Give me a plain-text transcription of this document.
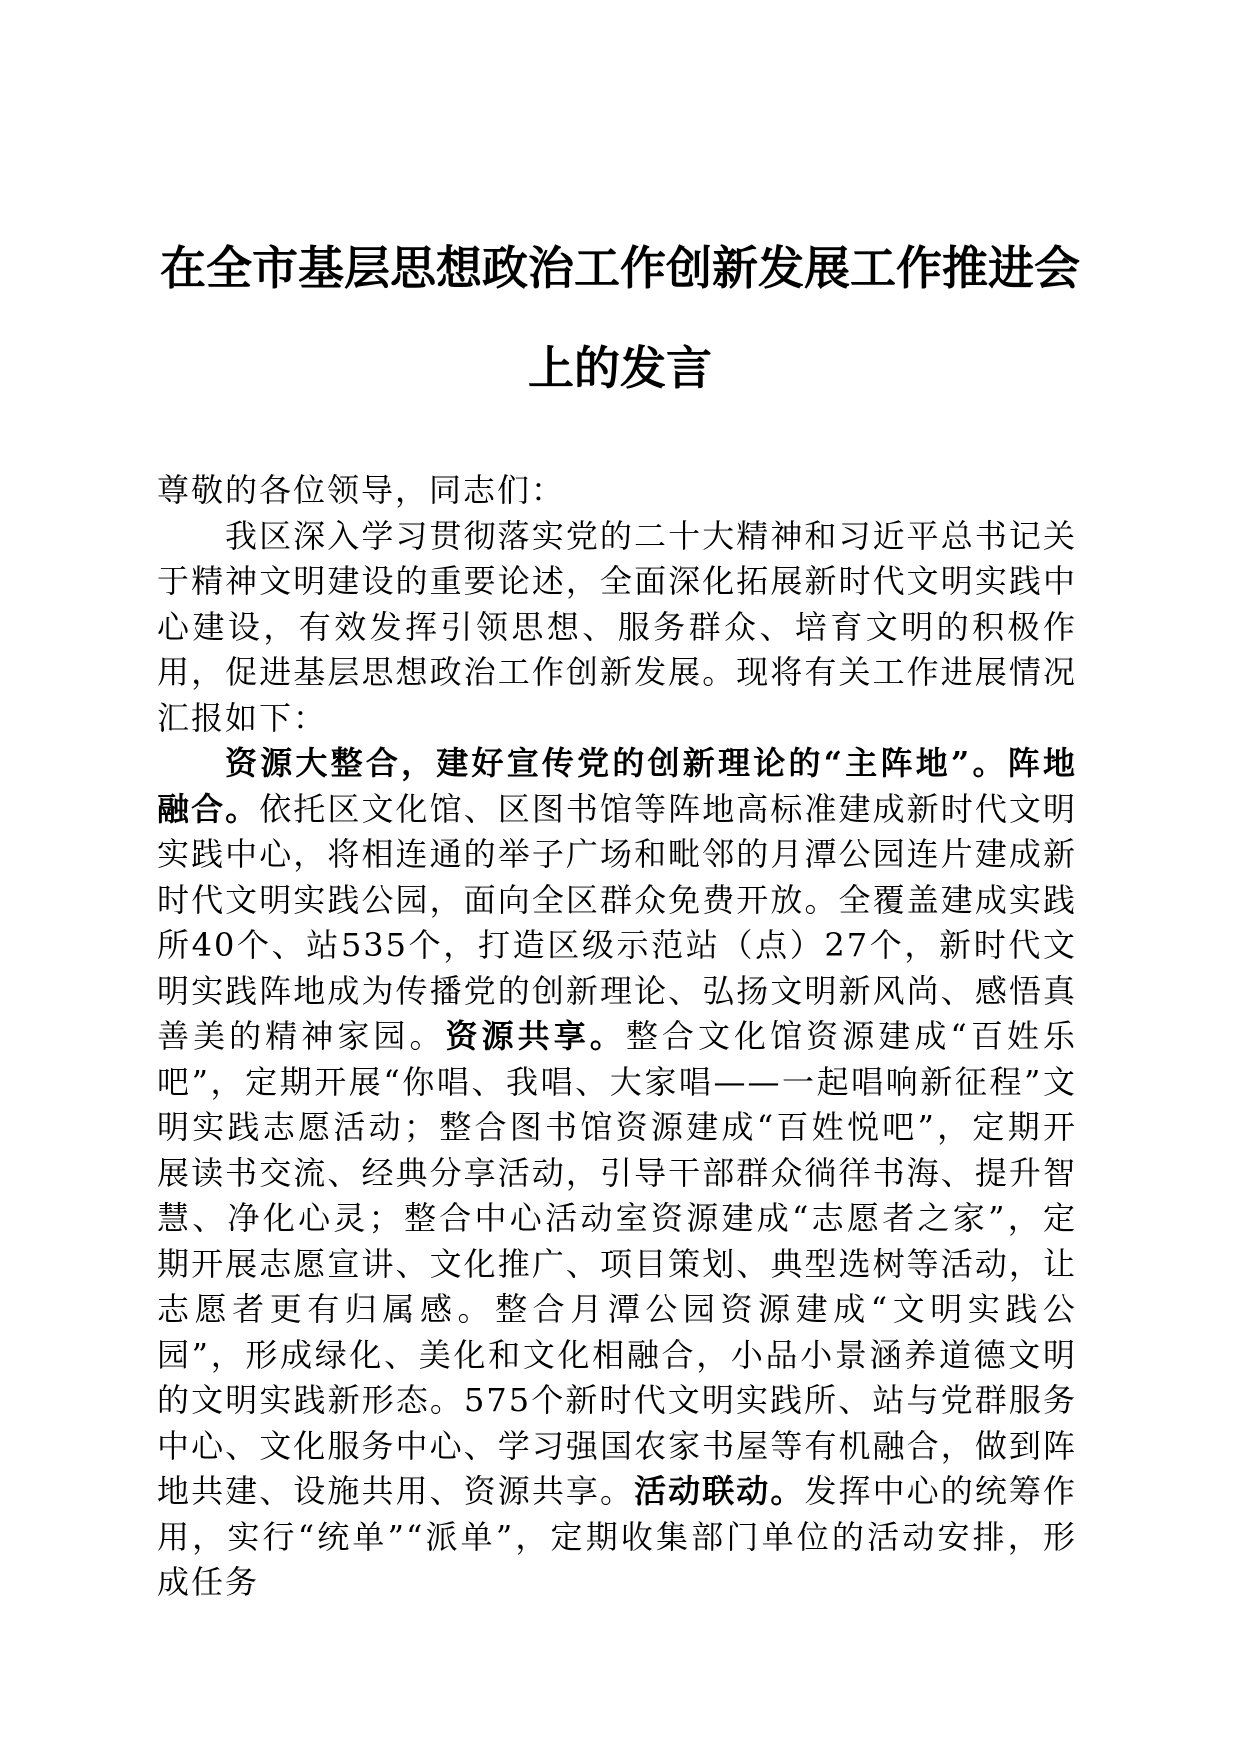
在全市基层思想政治工作创新发展工作推进会
上的发言

尊敬的各位领导，同志们：

我区深入学习贯彻落实党的二十大精神和习近平总书记关于精神文明建设的重要论述，全面深化拓展新时代文明实践中心建设，有效发挥引领思想、服务群众、培育文明的积极作用，促进基层思想政治工作创新发展。现将有关工作进展情况汇报如下：

资源大整合，建好宣传党的创新理论的“主阵地”。阵地融合。依托区文化馆、区图书馆等阵地高标准建成新时代文明实践中心，将相连通的举子广场和毗邻的月潭公园连片建成新时代文明实践公园，面向全区群众免费开放。全覆盖建成实践所40个、站535个，打造区级示范站（点）27个，新时代文明实践阵地成为传播党的创新理论、弘扬文明新风尚、感悟真善美的精神家园。资源共享。整合文化馆资源建成“百姓乐吧”，定期开展“你唱、我唱、大家唱——一起唱响新征程”文明实践志愿活动；整合图书馆资源建成“百姓悦吧”，定期开展读书交流、经典分享活动，引导干部群众徜徉书海、提升智慧、净化心灵；整合中心活动室资源建成“志愿者之家”，定期开展志愿宣讲、文化推广、项目策划、典型选树等活动，让志愿者更有归属感。整合月潭公园资源建成“文明实践公园”，形成绿化、美化和文化相融合，小品小景涵养道德文明的文明实践新形态。575个新时代文明实践所、站与党群服务中心、文化服务中心、学习强国农家书屋等有机融合，做到阵地共建、设施共用、资源共享。活动联动。发挥中心的统筹作用，实行“统单”“派单”，定期收集部门单位的活动安排，形成任务
